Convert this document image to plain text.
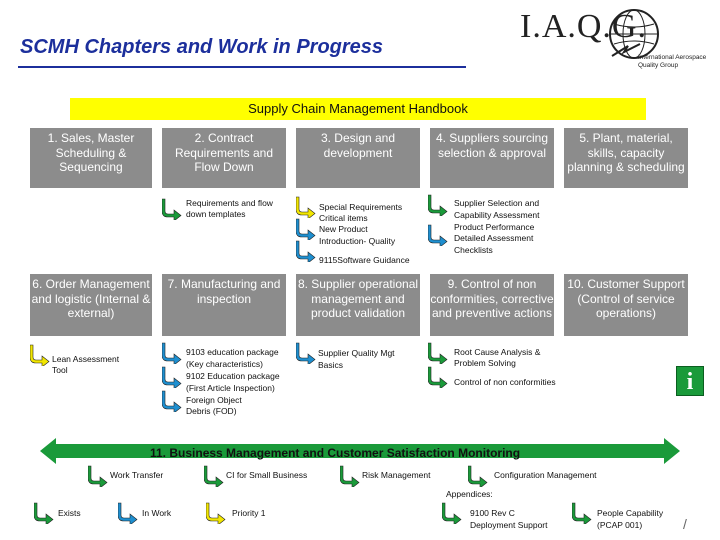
SCMH Chapters and Work in Progress
I.A.Q.G.
International Aerospace
Quality Group
Supply Chain Management Handbook
1. Sales, Master Scheduling & Sequencing
2. Contract Requirements and Flow Down
3. Design and development
4. Suppliers sourcing selection & approval
5. Plant, material, skills, capacity planning & scheduling
6. Order Management and logistic (Internal & external)
7. Manufacturing and inspection
8. Supplier operational management and product validation
9. Control of non conformities, corrective and preventive actions
10. Customer Support (Control of service operations)
Requirements and flow
down templates
Special Requirements
Critical items
New Product
Introduction- Quality
9115Software Guidance
Supplier Selection and
Capability Assessment
Product Performance
Detailed Assessment
Checklists
Lean Assessment
Tool
9103 education package
(Key characteristics)
9102 Education package
(First Article Inspection)
Foreign Object
Debris (FOD)
Supplier Quality Mgt
Basics
Root Cause Analysis &
Problem Solving
Control of non conformities	i
11. Business Management and Customer Satisfaction Monitoring
Work Transfer	CI for Small Business	Risk Management	Configuration Management
Appendices:
Exists	In Work	Priority 1	9100 Rev C
Deployment Support
People Capability
(PCAP 001)	/
